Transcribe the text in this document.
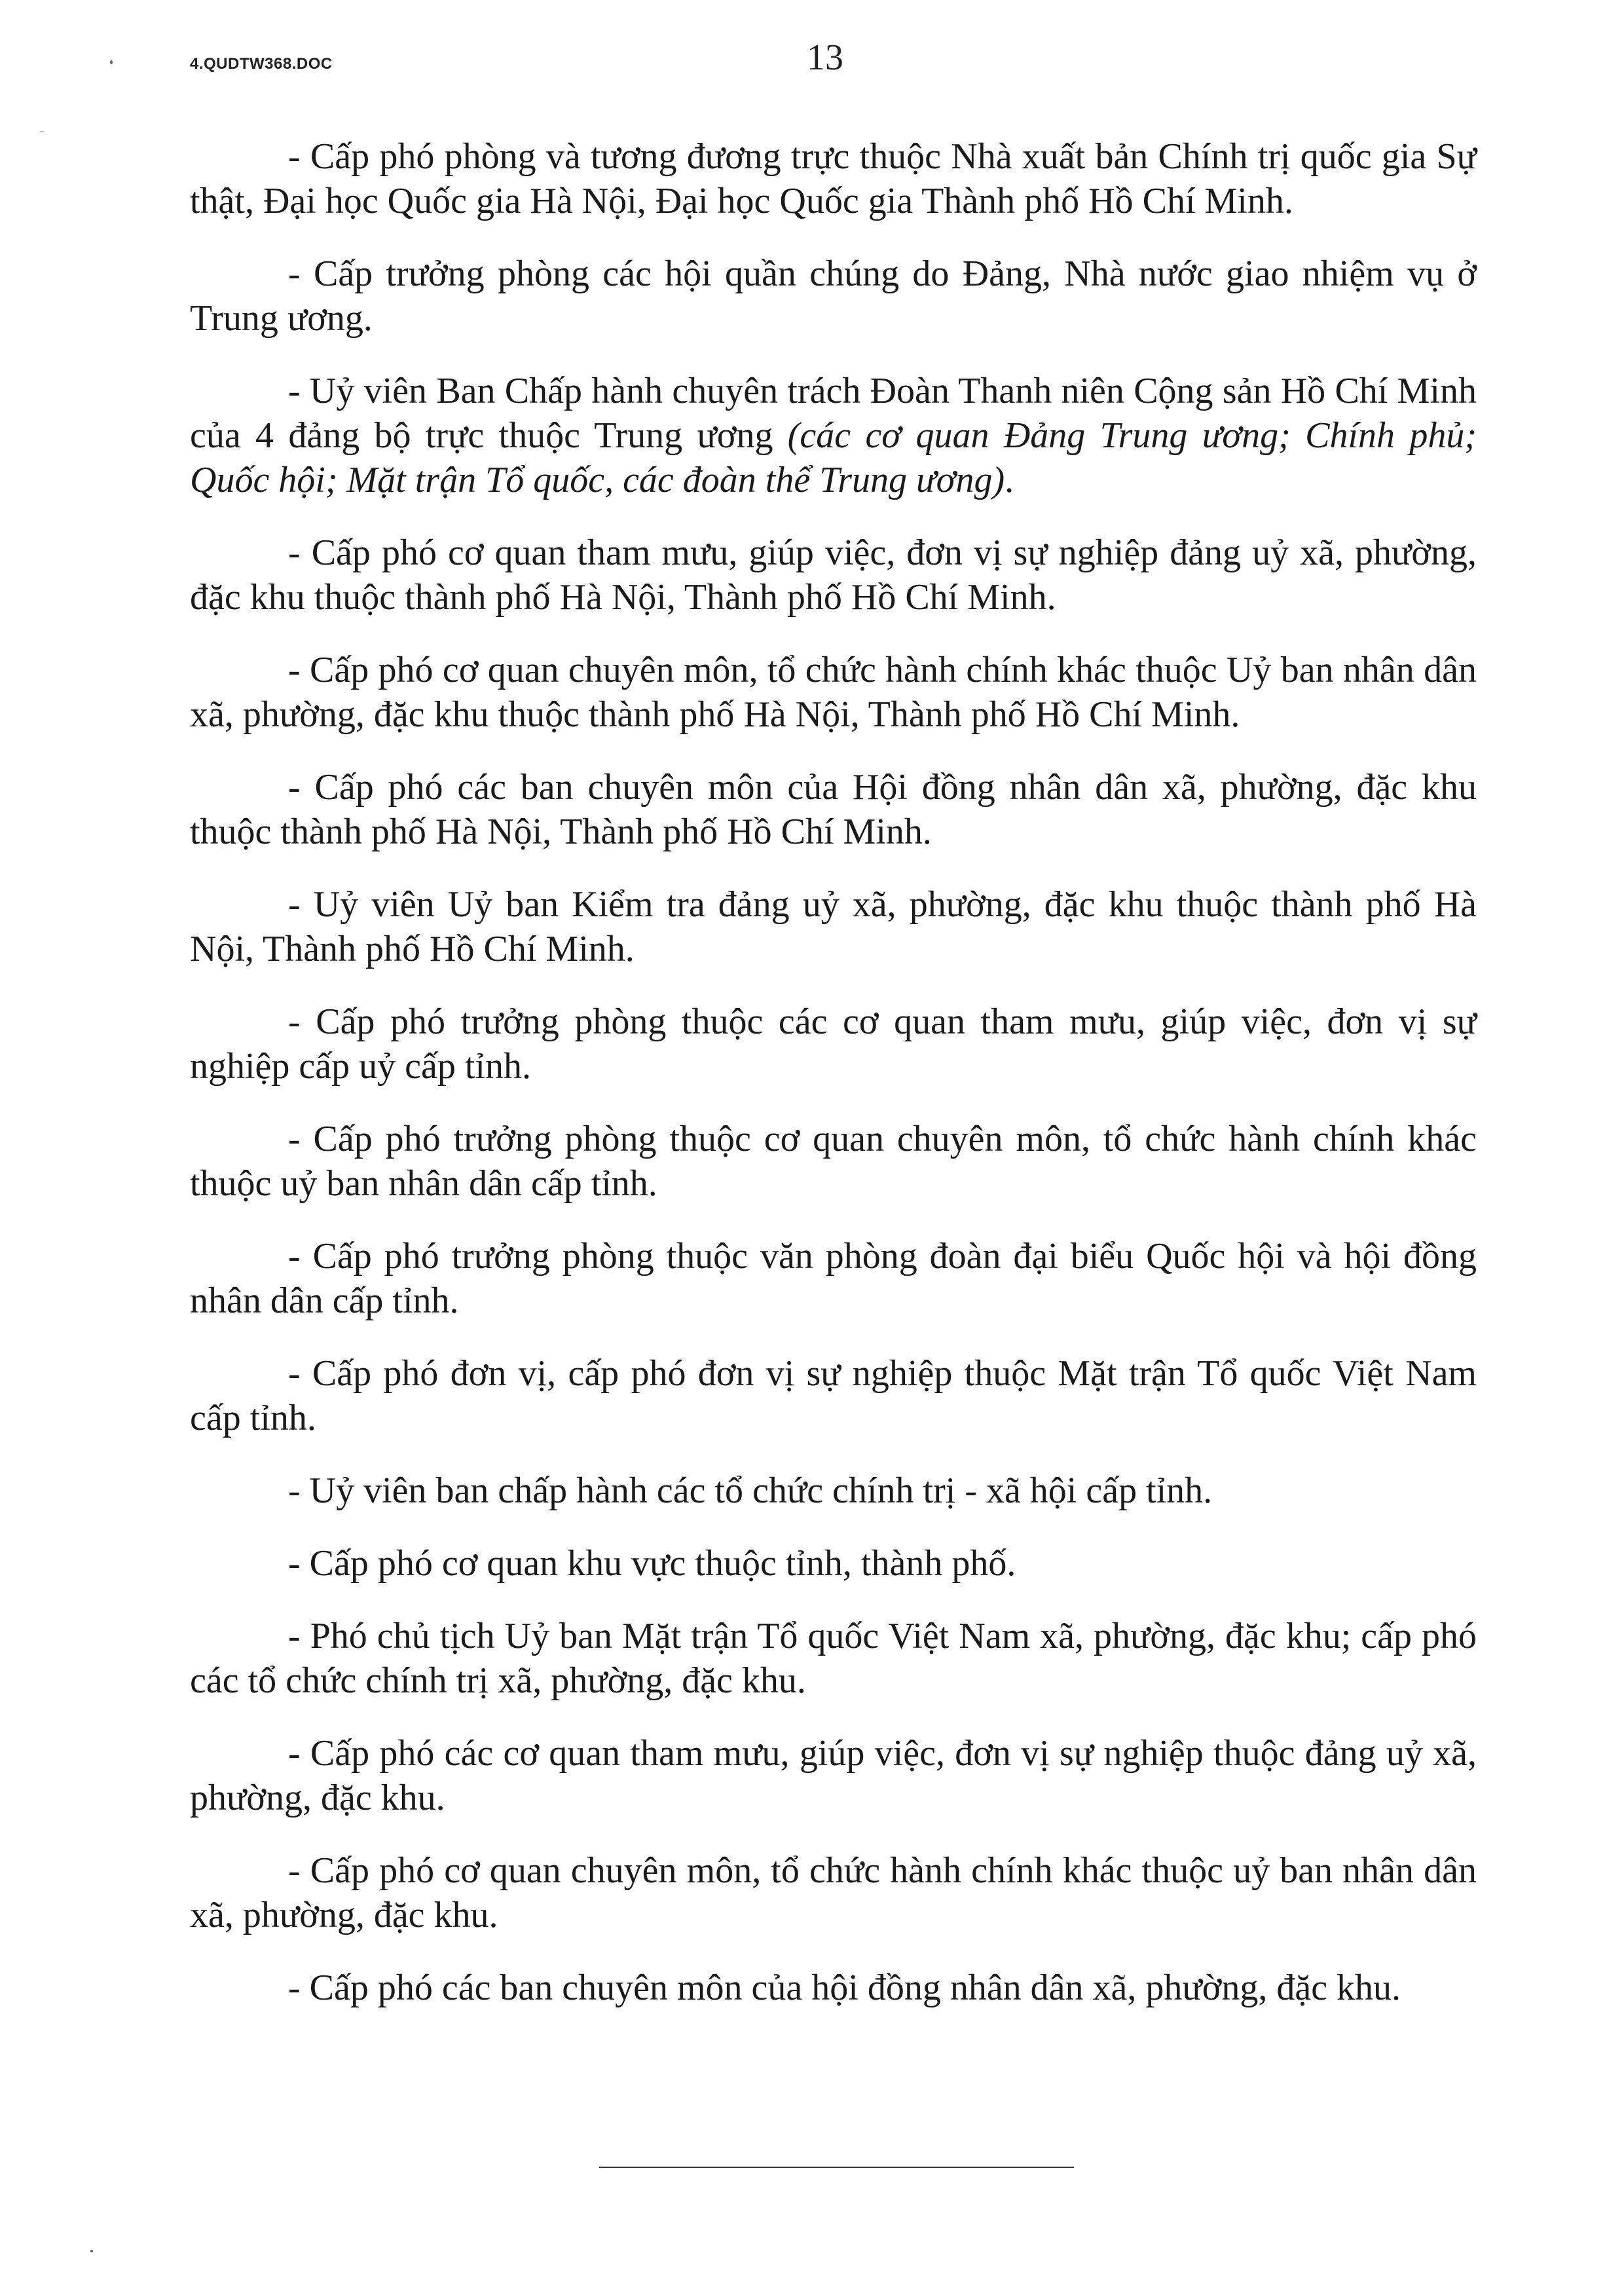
4.QUDTW368.DOC	13

- Cấp phó phòng và tương đương trực thuộc Nhà xuất bản Chính trị quốc gia Sự thật, Đại học Quốc gia Hà Nội, Đại học Quốc gia Thành phố Hồ Chí Minh.

- Cấp trưởng phòng các hội quần chúng do Đảng, Nhà nước giao nhiệm vụ ở Trung ương.

- Uỷ viên Ban Chấp hành chuyên trách Đoàn Thanh niên Cộng sản Hồ Chí Minh của 4 đảng bộ trực thuộc Trung ương (các cơ quan Đảng Trung ương; Chính phủ; Quốc hội; Mặt trận Tổ quốc, các đoàn thể Trung ương).

- Cấp phó cơ quan tham mưu, giúp việc, đơn vị sự nghiệp đảng uỷ xã, phường, đặc khu thuộc thành phố Hà Nội, Thành phố Hồ Chí Minh.

- Cấp phó cơ quan chuyên môn, tổ chức hành chính khác thuộc Uỷ ban nhân dân xã, phường, đặc khu thuộc thành phố Hà Nội, Thành phố Hồ Chí Minh.

- Cấp phó các ban chuyên môn của Hội đồng nhân dân xã, phường, đặc khu thuộc thành phố Hà Nội, Thành phố Hồ Chí Minh.

- Uỷ viên Uỷ ban Kiểm tra đảng uỷ xã, phường, đặc khu thuộc thành phố Hà Nội, Thành phố Hồ Chí Minh.

- Cấp phó trưởng phòng thuộc các cơ quan tham mưu, giúp việc, đơn vị sự nghiệp cấp uỷ cấp tỉnh.

- Cấp phó trưởng phòng thuộc cơ quan chuyên môn, tổ chức hành chính khác thuộc uỷ ban nhân dân cấp tỉnh.

- Cấp phó trưởng phòng thuộc văn phòng đoàn đại biểu Quốc hội và hội đồng nhân dân cấp tỉnh.

- Cấp phó đơn vị, cấp phó đơn vị sự nghiệp thuộc Mặt trận Tổ quốc Việt Nam cấp tỉnh.

- Uỷ viên ban chấp hành các tổ chức chính trị - xã hội cấp tỉnh.

- Cấp phó cơ quan khu vực thuộc tỉnh, thành phố.

- Phó chủ tịch Uỷ ban Mặt trận Tổ quốc Việt Nam xã, phường, đặc khu; cấp phó các tổ chức chính trị xã, phường, đặc khu.

- Cấp phó các cơ quan tham mưu, giúp việc, đơn vị sự nghiệp thuộc đảng uỷ xã, phường, đặc khu.

- Cấp phó cơ quan chuyên môn, tổ chức hành chính khác thuộc uỷ ban nhân dân xã, phường, đặc khu.

- Cấp phó các ban chuyên môn của hội đồng nhân dân xã, phường, đặc khu.
